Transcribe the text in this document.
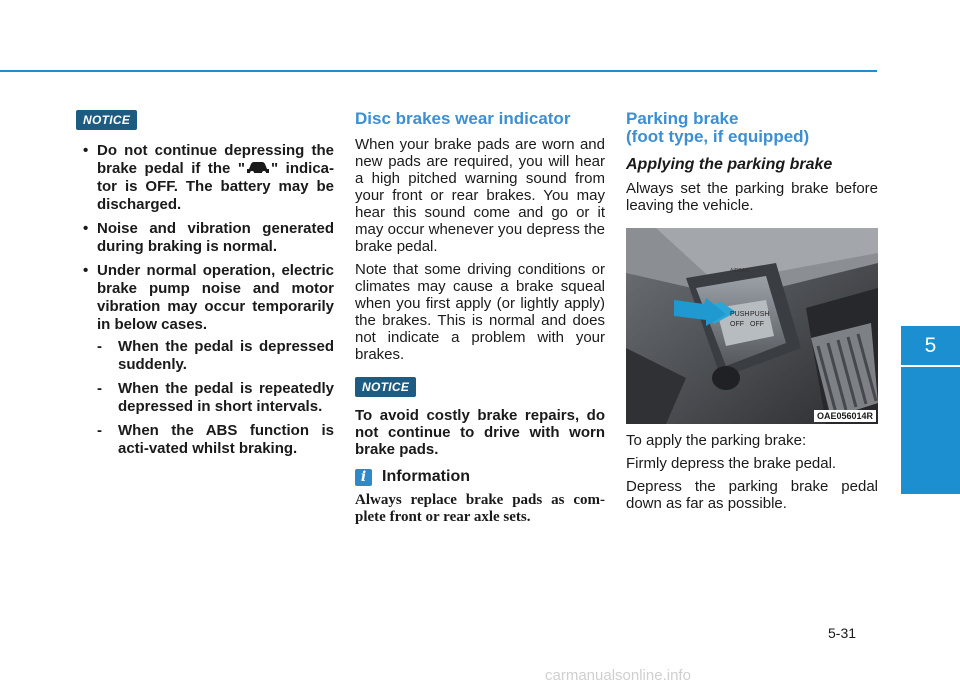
NOTICE
• Do not continue depressing the brake pedal if the " " indica-tor is OFF. The battery may be discharged.
• Noise and vibration generated during braking is normal.
• Under normal operation, electric brake pump noise and motor vibration may occur temporarily in below cases.
- When the pedal is depressed suddenly.
- When the pedal is repeatedly depressed in short intervals.
- When the ABS function is acti-vated whilst braking.
Disc brakes wear indicator

When your brake pads are worn and new pads are required, you will hear a high pitched warning sound from your front or rear brakes. You may hear this sound come and go or it may occur whenever you depress the brake pedal.

Note that some driving conditions or climates may cause a brake squeal when you first apply (or lightly apply) the brakes. This is normal and does not indicate a problem with your brakes.

NOTICE

To avoid costly brake repairs, do not continue to drive with worn brake pads.

i Information

Always replace brake pads as com-plete front or rear axle sets.

Parking brake
(foot type, if equipped)
Applying the parking brake

Always set the parking brake before leaving the vehicle.

PUSH
OFF
PUSH
OFF
AIRBAG
OAE056014R

To apply the parking brake:

Firmly depress the brake pedal.

Depress the parking brake pedal down as far as possible.

5
Driving your vehicle
5-31
carmanualsonline.info
